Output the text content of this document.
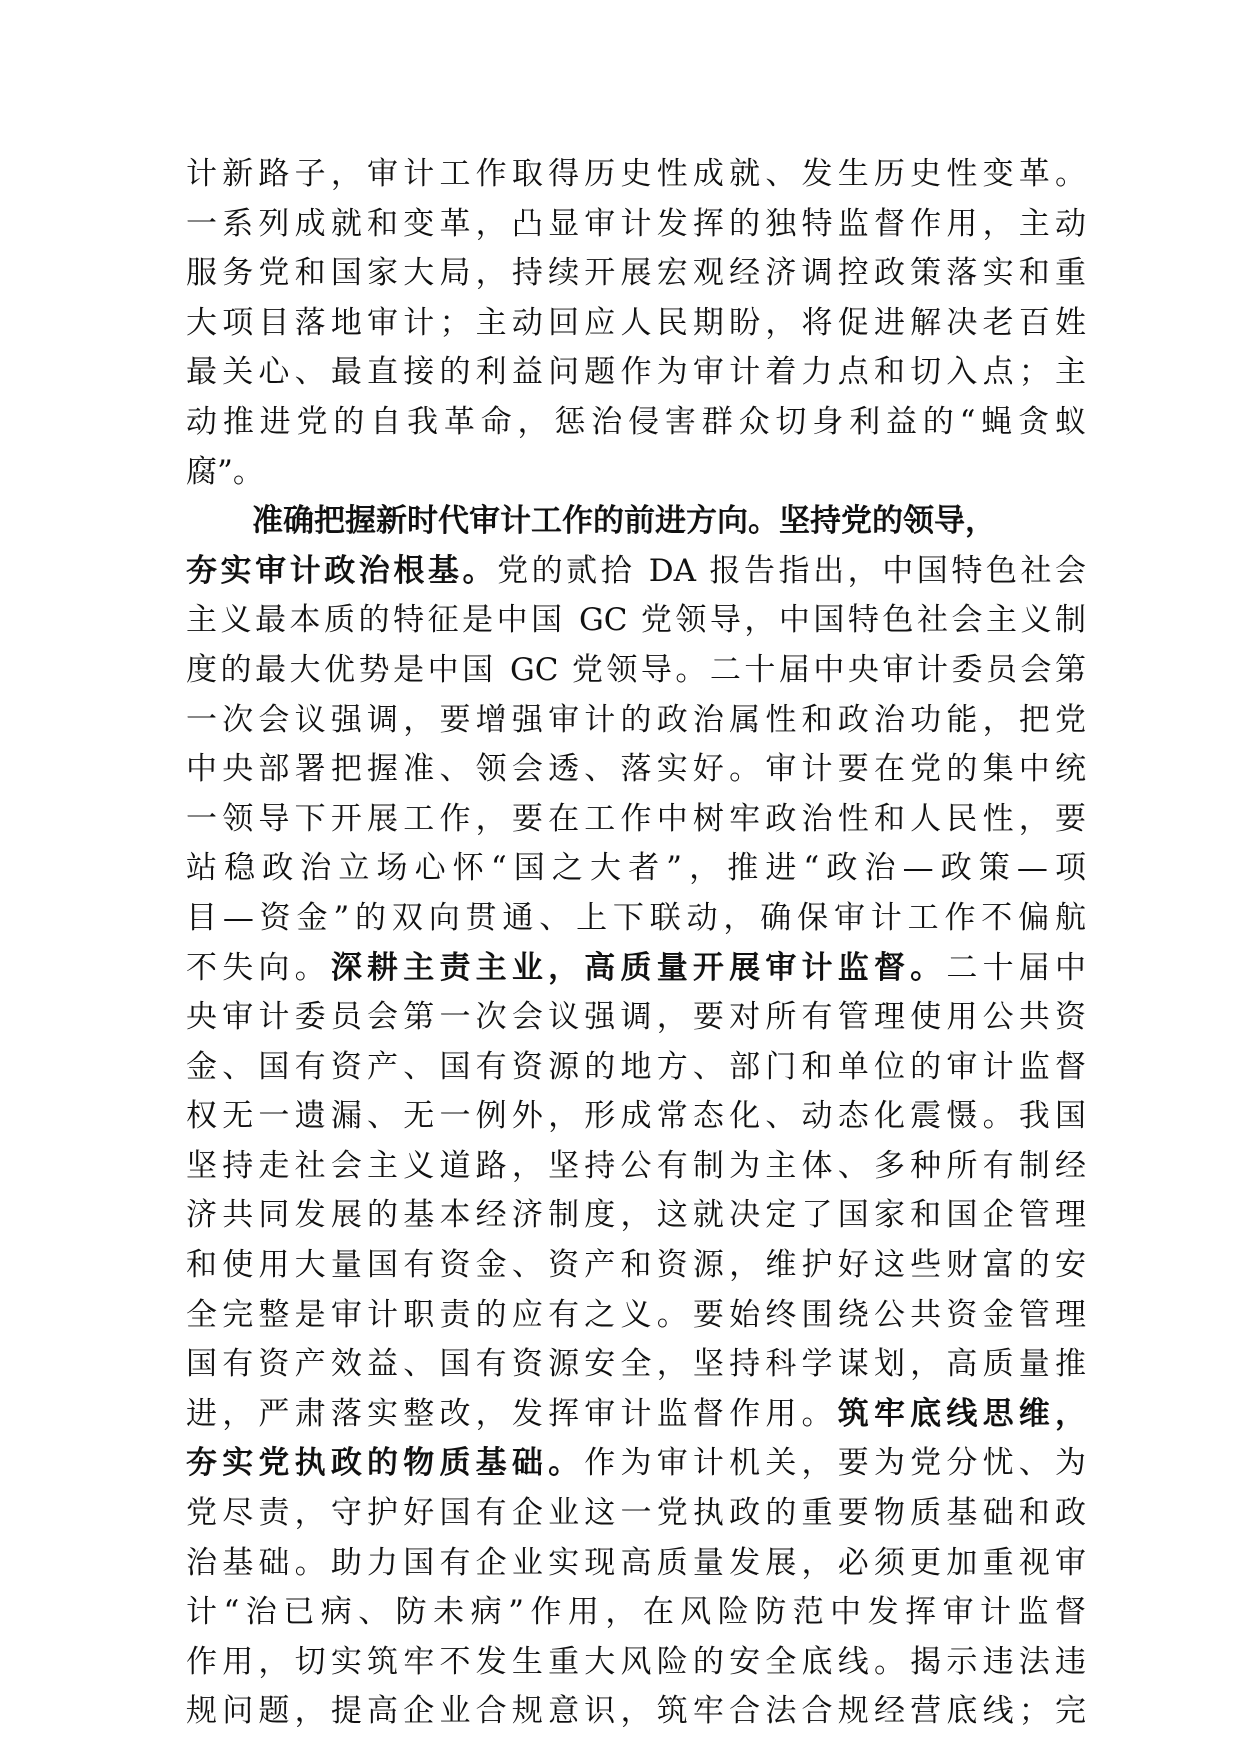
计新路子，审计工作取得历史性成就、发生历史性变革。
一系列成就和变革，凸显审计发挥的独特监督作用，主动
服务党和国家大局，持续开展宏观经济调控政策落实和重
大项目落地审计；主动回应人民期盼，将促进解决老百姓
最关心、最直接的利益问题作为审计着力点和切入点；主
动推进党的自我革命，惩治侵害群众切身利益的“蝇贪蚁
腐”。
准确把握新时代审计工作的前进方向。坚持党的领导，
夯实审计政治根基。党的贰拾 DA 报告指出，中国特色社会
主义最本质的特征是中国 GC 党领导，中国特色社会主义制
度的最大优势是中国 GC 党领导。二十届中央审计委员会第
一次会议强调，要增强审计的政治属性和政治功能，把党
中央部署把握准、领会透、落实好。审计要在党的集中统
一领导下开展工作，要在工作中树牢政治性和人民性，要
站稳政治立场心怀“国之大者”，推进“政治—政策—项
目—资金”的双向贯通、上下联动，确保审计工作不偏航
不失向。深耕主责主业，高质量开展审计监督。二十届中
央审计委员会第一次会议强调，要对所有管理使用公共资
金、国有资产、国有资源的地方、部门和单位的审计监督
权无一遗漏、无一例外，形成常态化、动态化震慑。我国
坚持走社会主义道路，坚持公有制为主体、多种所有制经
济共同发展的基本经济制度，这就决定了国家和国企管理
和使用大量国有资金、资产和资源，维护好这些财富的安
全完整是审计职责的应有之义。要始终围绕公共资金管理
国有资产效益、国有资源安全，坚持科学谋划，高质量推
进，严肃落实整改，发挥审计监督作用。筑牢底线思维，
夯实党执政的物质基础。作为审计机关，要为党分忧、为
党尽责，守护好国有企业这一党执政的重要物质基础和政
治基础。助力国有企业实现高质量发展，必须更加重视审
计“治已病、防未病”作用，在风险防范中发挥审计监督
作用，切实筑牢不发生重大风险的安全底线。揭示违法违
规问题，提高企业合规意识，筑牢合法合规经营底线；完
